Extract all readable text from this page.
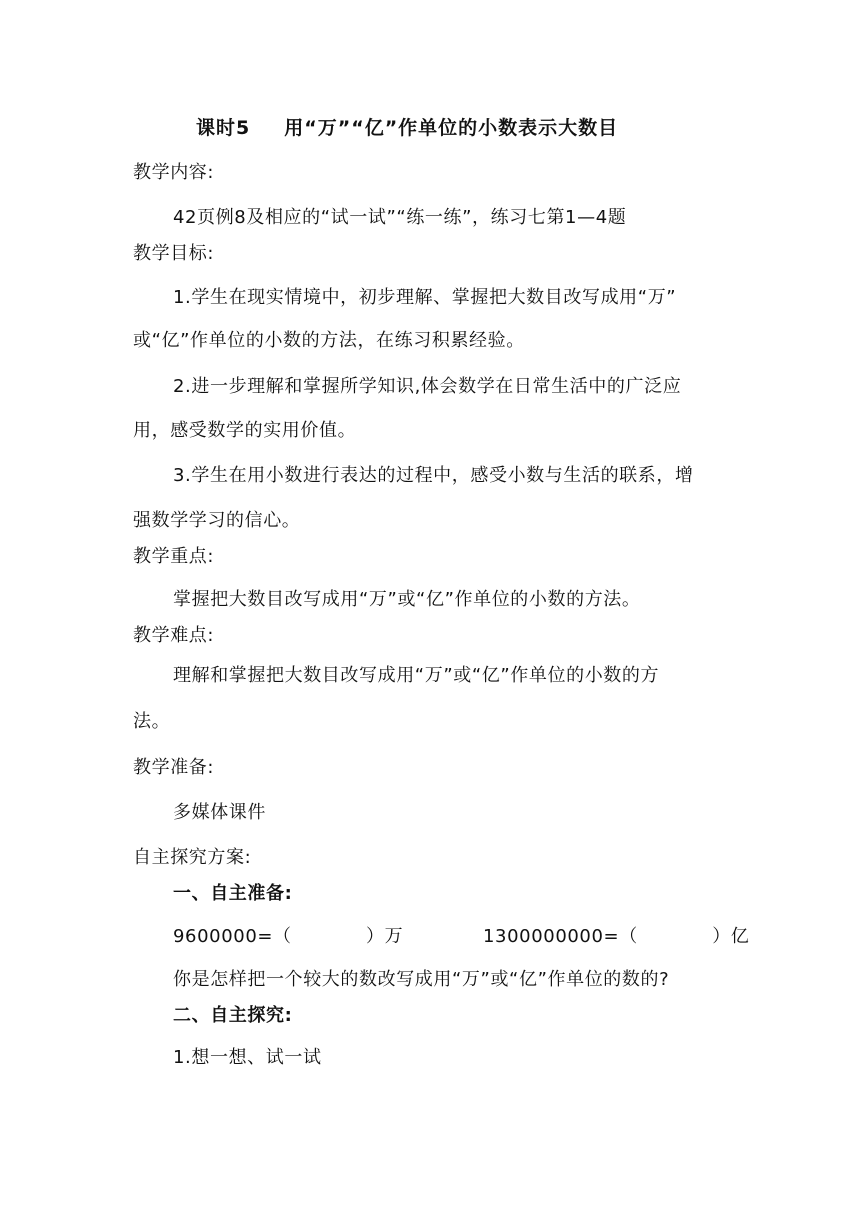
课时5 用“万”“亿”作单位的小数表示大数目
教学内容:
42页例8及相应的“试一试”“练一练”，练习七第1—4题
教学目标:
1.学生在现实情境中，初步理解、掌握把大数目改写成用“万”
或“亿”作单位的小数的方法，在练习积累经验。
2.进一步理解和掌握所学知识,体会数学在日常生活中的广泛应
用，感受数学的实用价值。
3.学生在用小数进行表达的过程中，感受小数与生活的联系，增
强数学学习的信心。
教学重点:
掌握把大数目改写成用“万”或“亿”作单位的小数的方法。
教学难点:
理解和掌握把大数目改写成用“万”或“亿”作单位的小数的方
法。
教学准备:
多媒体课件
自主探究方案:
一、自主准备:
9600000=（　　　　）万	1300000000=（　　　　）亿
你是怎样把一个较大的数改写成用“万”或“亿”作单位的数的?
二、自主探究:
1.想一想、试一试
